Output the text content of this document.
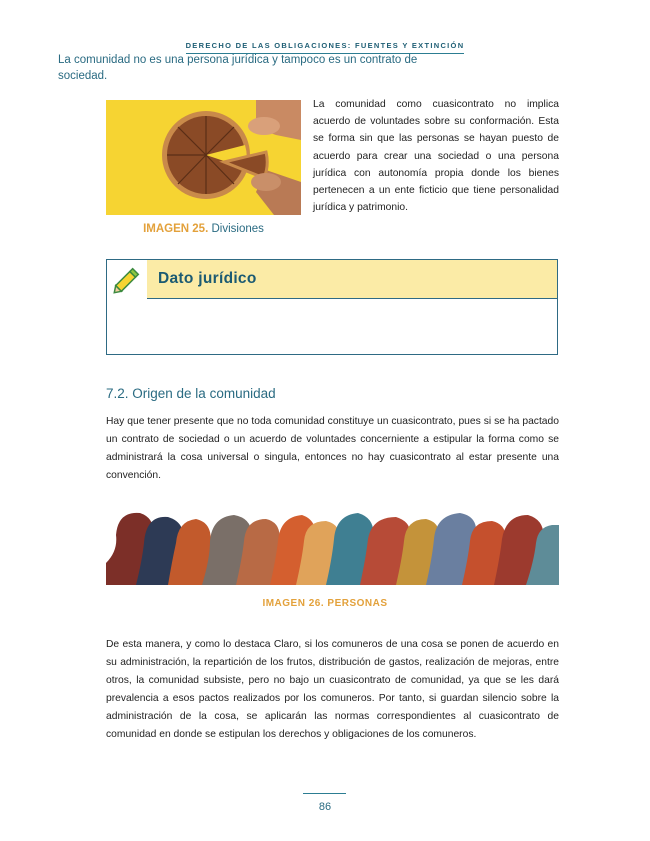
DERECHO DE LAS OBLIGACIONES: FUENTES Y EXTINCIÓN
IMAGEN 25. Divisiones
La comunidad como cuasicontrato no implica acuerdo de voluntades sobre su conformación. Esta se forma sin que las personas se hayan puesto de acuerdo para crear una sociedad o una persona jurídica con autonomía propia donde los bienes pertenecen a un ente ficticio que tiene personalidad jurídica y patrimonio.
Dato jurídico
La comunidad no es una persona jurídica y tampoco es un contrato de sociedad.
7.2. Origen de la comunidad
Hay que tener presente que no toda comunidad constituye un cuasicontrato, pues si se ha pactado un contrato de sociedad o un acuerdo de voluntades concerniente a estipular la forma como se administrará la cosa universal o singula, entonces no hay cuasicontrato al estar presente una convención.
IMAGEN 26. PERSONAS
De esta manera, y como lo destaca Claro, si los comuneros de una cosa se ponen de acuerdo en su administración, la repartición de los frutos, distribución de gastos, realización de mejoras, entre otros, la comunidad subsiste, pero no bajo un cuasicontrato de comunidad, ya que se les dará prevalencia a esos pactos realizados por los comuneros. Por tanto, si guardan silencio sobre la administración de la cosa, se aplicarán las normas correspondientes al cuasicontrato de comunidad en donde se estipulan los derechos y obligaciones de los comuneros.
86
